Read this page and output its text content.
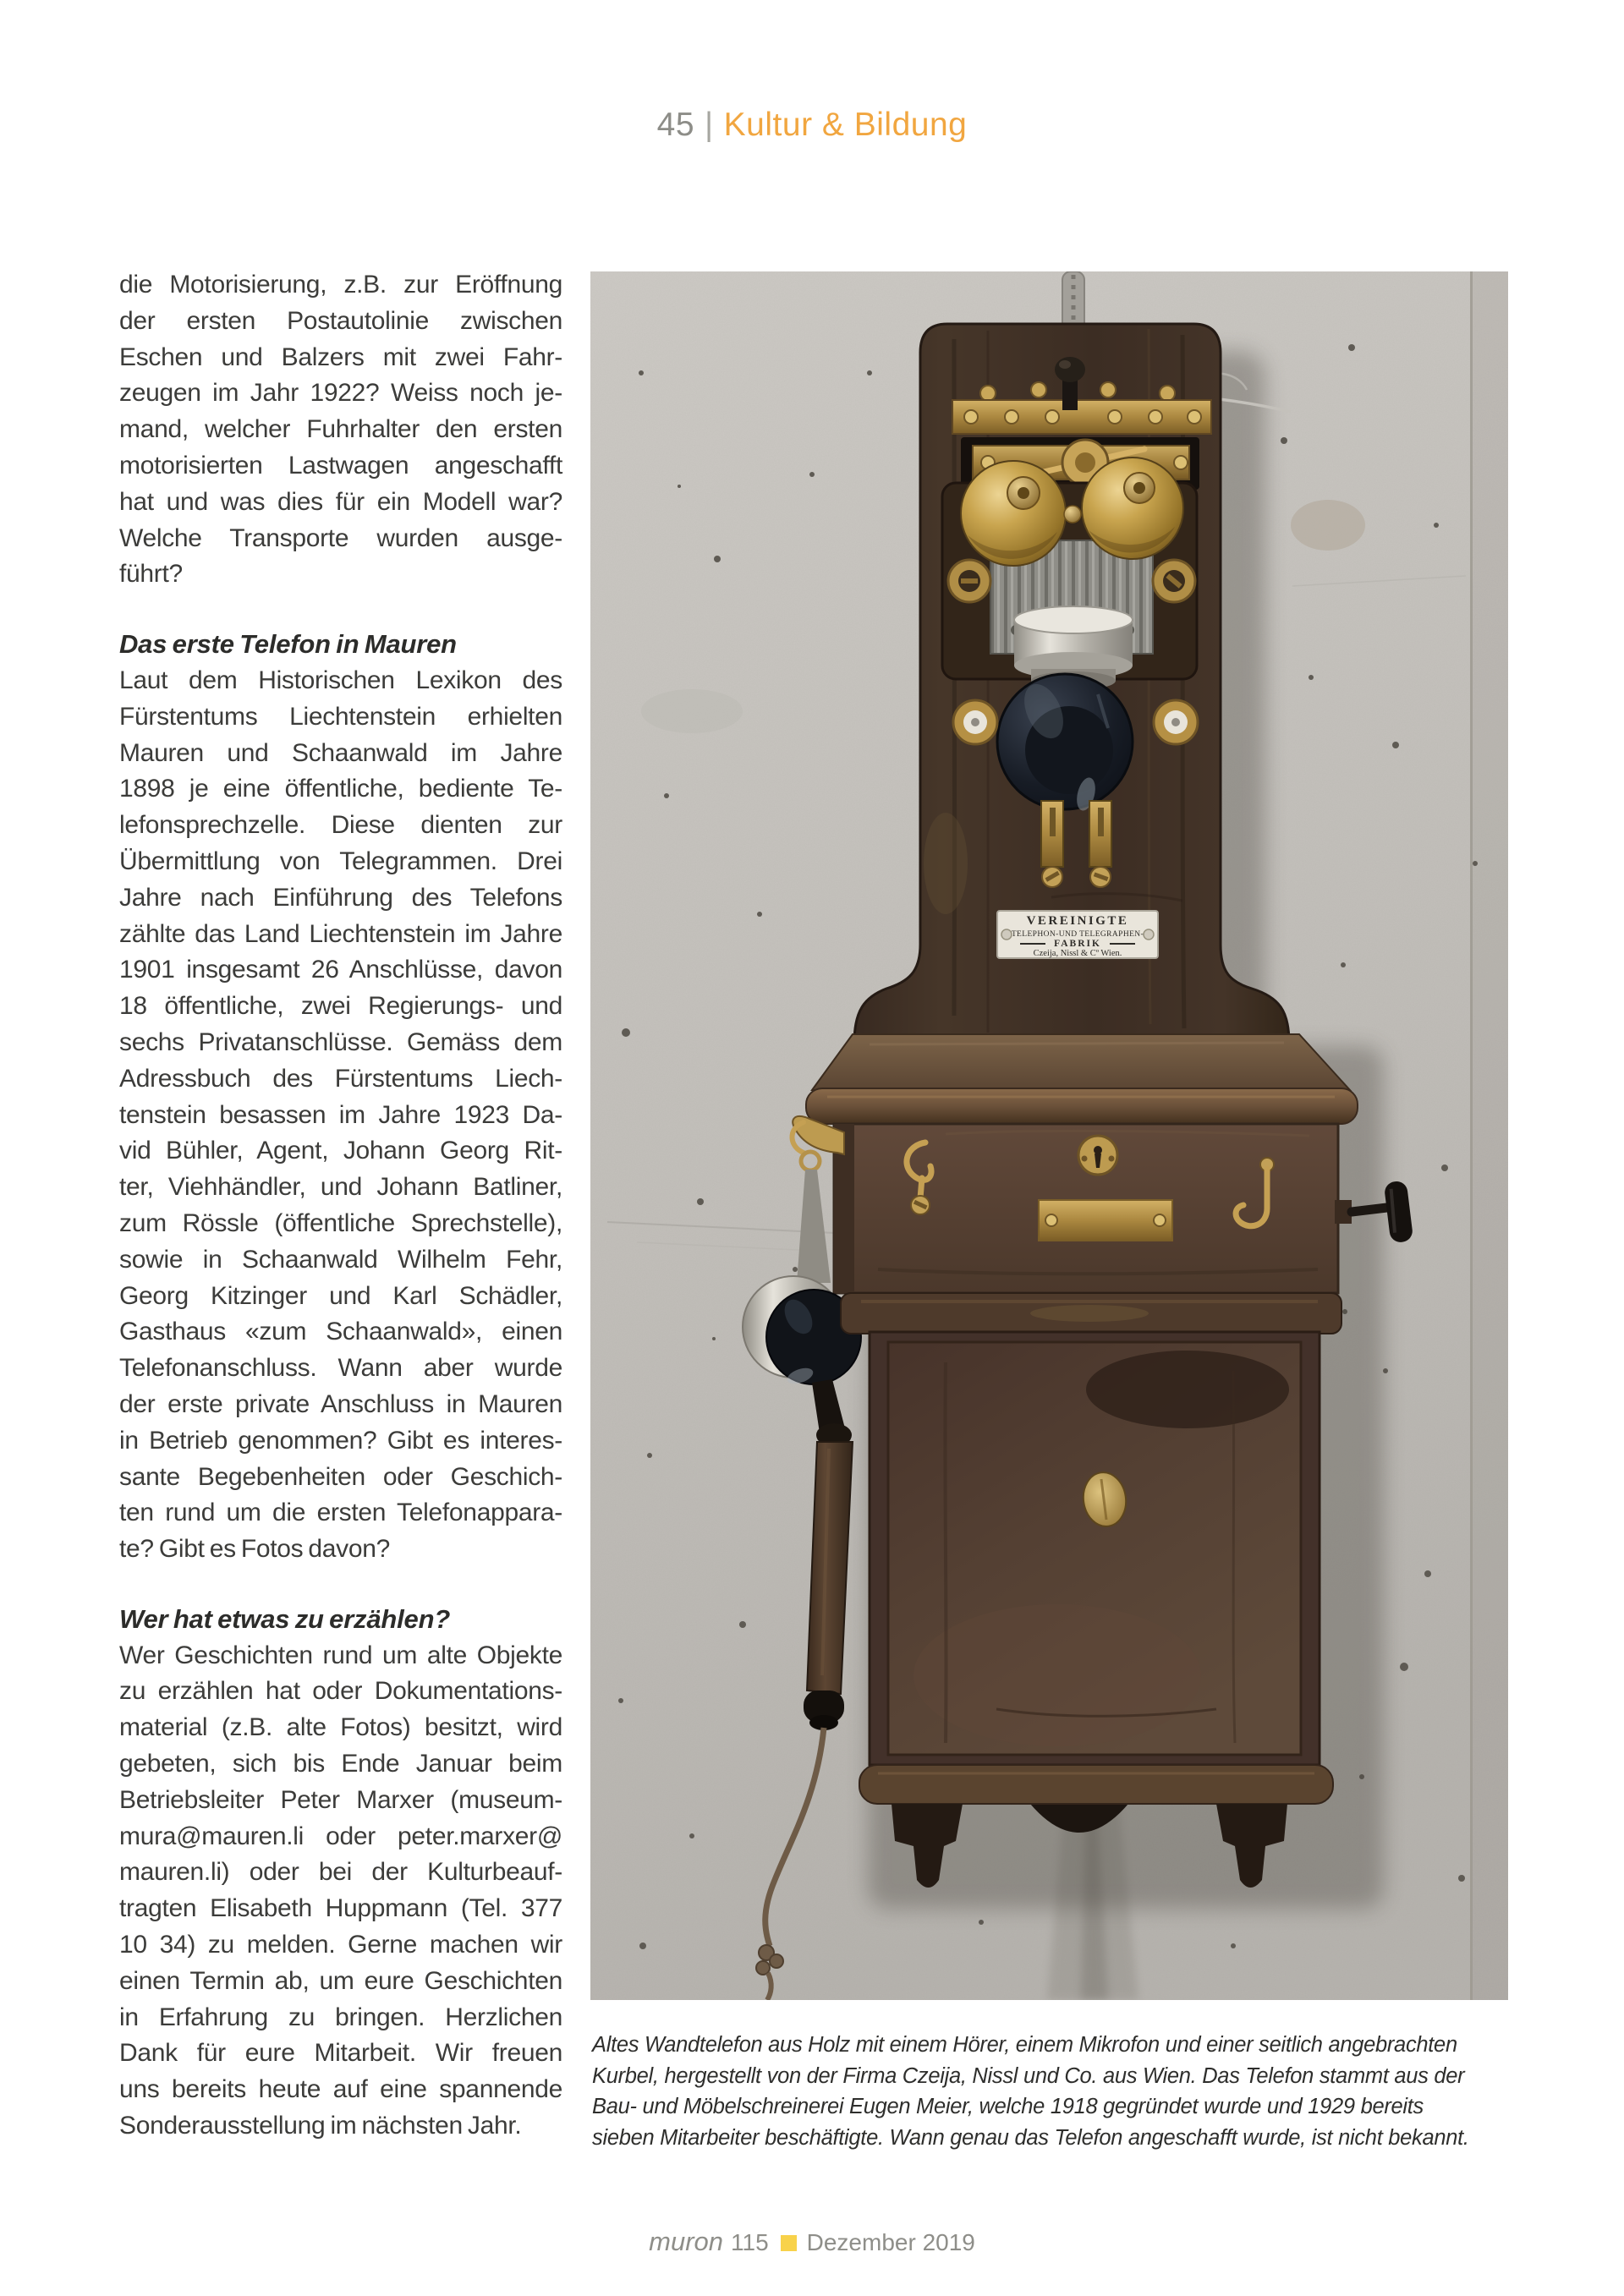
45 | Kultur & Bildung
die Motorisierung, z.B. zur Eröffnung
der ersten Postautolinie zwischen
Eschen und Balzers mit zwei Fahr-
zeugen im Jahr 1922? Weiss noch je-
mand, welcher Fuhrhalter den ersten
motorisierten Lastwagen angeschafft
hat und was dies für ein Modell war?
Welche Transporte wurden ausge-
führt?
Das erste Telefon in Mauren
Laut dem Historischen Lexikon des
Fürstentums Liechtenstein erhielten
Mauren und Schaanwald im Jahre
1898 je eine öffentliche, bediente Te-
lefonsprechzelle. Diese dienten zur
Übermittlung von Telegrammen. Drei
Jahre nach Einführung des Telefons
zählte das Land Liechtenstein im Jahre
1901 insgesamt 26 Anschlüsse, davon
18 öffentliche, zwei Regierungs- und
sechs Privatanschlüsse. Gemäss dem
Adressbuch des Fürstentums Liech-
tenstein besassen im Jahre 1923 Da-
vid Bühler, Agent, Johann Georg Rit-
ter, Viehhändler, und Johann Batliner,
zum Rössle (öffentliche Sprechstelle),
sowie in Schaanwald Wilhelm Fehr,
Georg Kitzinger und Karl Schädler,
Gasthaus «zum Schaanwald», einen
Telefonanschluss. Wann aber wurde
der erste private Anschluss in Mauren
in Betrieb genommen? Gibt es interes-
sante Begebenheiten oder Geschich-
ten rund um die ersten Telefonappara-
te? Gibt es Fotos davon?
Wer hat etwas zu erzählen?
Wer Geschichten rund um alte Objekte
zu erzählen hat oder Dokumentations-
material (z.B. alte Fotos) besitzt, wird
gebeten, sich bis Ende Januar beim
Betriebsleiter Peter Marxer (museum-
mura@mauren.li oder peter.marxer@
mauren.li) oder bei der Kulturbeauf-
tragten Elisabeth Huppmann (Tel. 377
10 34) zu melden. Gerne machen wir
einen Termin ab, um eure Geschichten
in Erfahrung zu bringen. Herzlichen
Dank für eure Mitarbeit. Wir freuen
uns bereits heute auf eine spannende
Sonderausstellung im nächsten Jahr.
VEREINIGTE
TELEPHON-UND TELEGRAPHEN-
FABRIK
Czeija, Nissl & Cº Wien.
Altes Wandtelefon aus Holz mit einem Hörer, einem Mikrofon und einer seitlich angebrachten
Kurbel, hergestellt von der Firma Czeija, Nissl und Co. aus Wien. Das Telefon stammt aus der
Bau- und Möbelschreinerei Eugen Meier, welche 1918 gegründet wurde und 1929 bereits
sieben Mitarbeiter beschäftigte. Wann genau das Telefon angeschafft wurde, ist nicht bekannt.
muron 115 Dezember 2019
